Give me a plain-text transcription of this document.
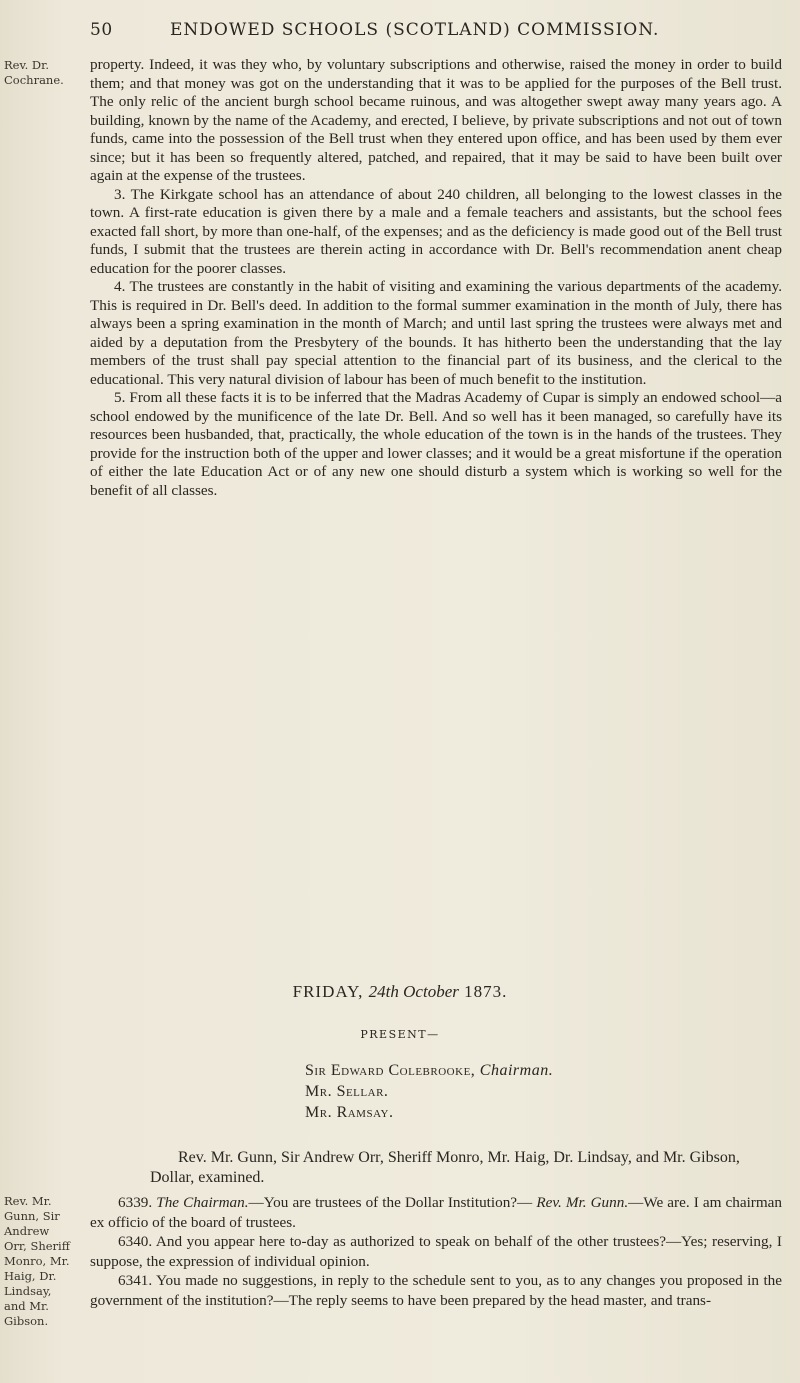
50	ENDOWED SCHOOLS (SCOTLAND) COMMISSION.
Rev. Dr.
Cochrane.

property. Indeed, it was they who, by voluntary subscriptions and otherwise, raised the money in order to build them; and that money was got on the understanding that it was to be applied for the purposes of the Bell trust. The only relic of the ancient burgh school became ruinous, and was altogether swept away many years ago. A building, known by the name of the Academy, and erected, I believe, by private subscriptions and not out of town funds, came into the possession of the Bell trust when they entered upon office, and has been used by them ever since; but it has been so frequently altered, patched, and repaired, that it may be said to have been built over again at the expense of the trustees.

3. The Kirkgate school has an attendance of about 240 children, all belonging to the lowest classes in the town. A first-rate education is given there by a male and a female teachers and assistants, but the school fees exacted fall short, by more than one-half, of the expenses; and as the deficiency is made good out of the Bell trust funds, I submit that the trustees are therein acting in accordance with Dr. Bell's recommendation anent cheap education for the poorer classes.

4. The trustees are constantly in the habit of visiting and examining the various departments of the academy. This is required in Dr. Bell's deed. In addition to the formal summer examination in the month of July, there has always been a spring examination in the month of March; and until last spring the trustees were always met and aided by a deputation from the Presbytery of the bounds. It has hitherto been the understanding that the lay members of the trust shall pay special attention to the financial part of its business, and the clerical to the educational. This very natural division of labour has been of much benefit to the institution.

5. From all these facts it is to be inferred that the Madras Academy of Cupar is simply an endowed school—a school endowed by the munificence of the late Dr. Bell. And so well has it been managed, so carefully have its resources been husbanded, that, practically, the whole education of the town is in the hands of the trustees. They provide for the instruction both of the upper and lower classes; and it would be a great misfortune if the operation of either the late Education Act or of any new one should disturb a system which is working so well for the benefit of all classes.

FRIDAY, 24th October 1873.
PRESENT—
Sir Edward Colebrooke, Chairman.
Mr. Sellar.
Mr. Ramsay.
Rev. Mr. Gunn, Sir Andrew Orr, Sheriff Monro, Mr. Haig, Dr. Lindsay, and Mr. Gibson, Dollar, examined.
Rev. Mr.
Gunn, Sir
Andrew
Orr, Sheriff
Monro, Mr.
Haig, Dr.
Lindsay,
and Mr.
Gibson.

6339. The Chairman.—You are trustees of the Dollar Institution?— Rev. Mr. Gunn.—We are. I am chairman ex officio of the board of trustees.

6340. And you appear here to-day as authorized to speak on behalf of the other trustees?—Yes; reserving, I suppose, the expression of individual opinion.

6341. You made no suggestions, in reply to the schedule sent to you, as to any changes you proposed in the government of the institution?—The reply seems to have been prepared by the head master, and trans-
